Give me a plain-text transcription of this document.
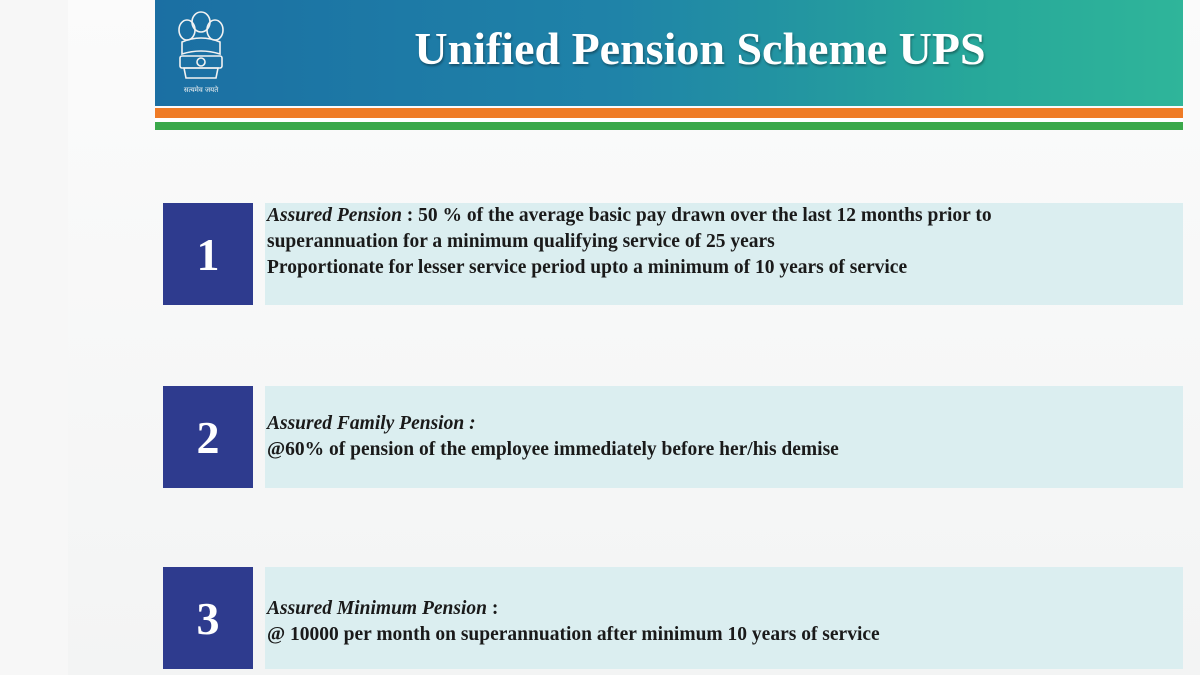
सत्यमेव जयते
Unified Pension Scheme UPS
1
Assured Pension : 50 % of the average basic pay drawn over the last 12 months prior to
superannuation for a minimum qualifying service of 25 years
Proportionate for lesser service period upto a minimum of 10 years of service
2	Assured Family Pension :
@60% of pension of the employee immediately before her/his demise
3	Assured Minimum Pension :
@ 10000 per month on superannuation after minimum 10 years of service
